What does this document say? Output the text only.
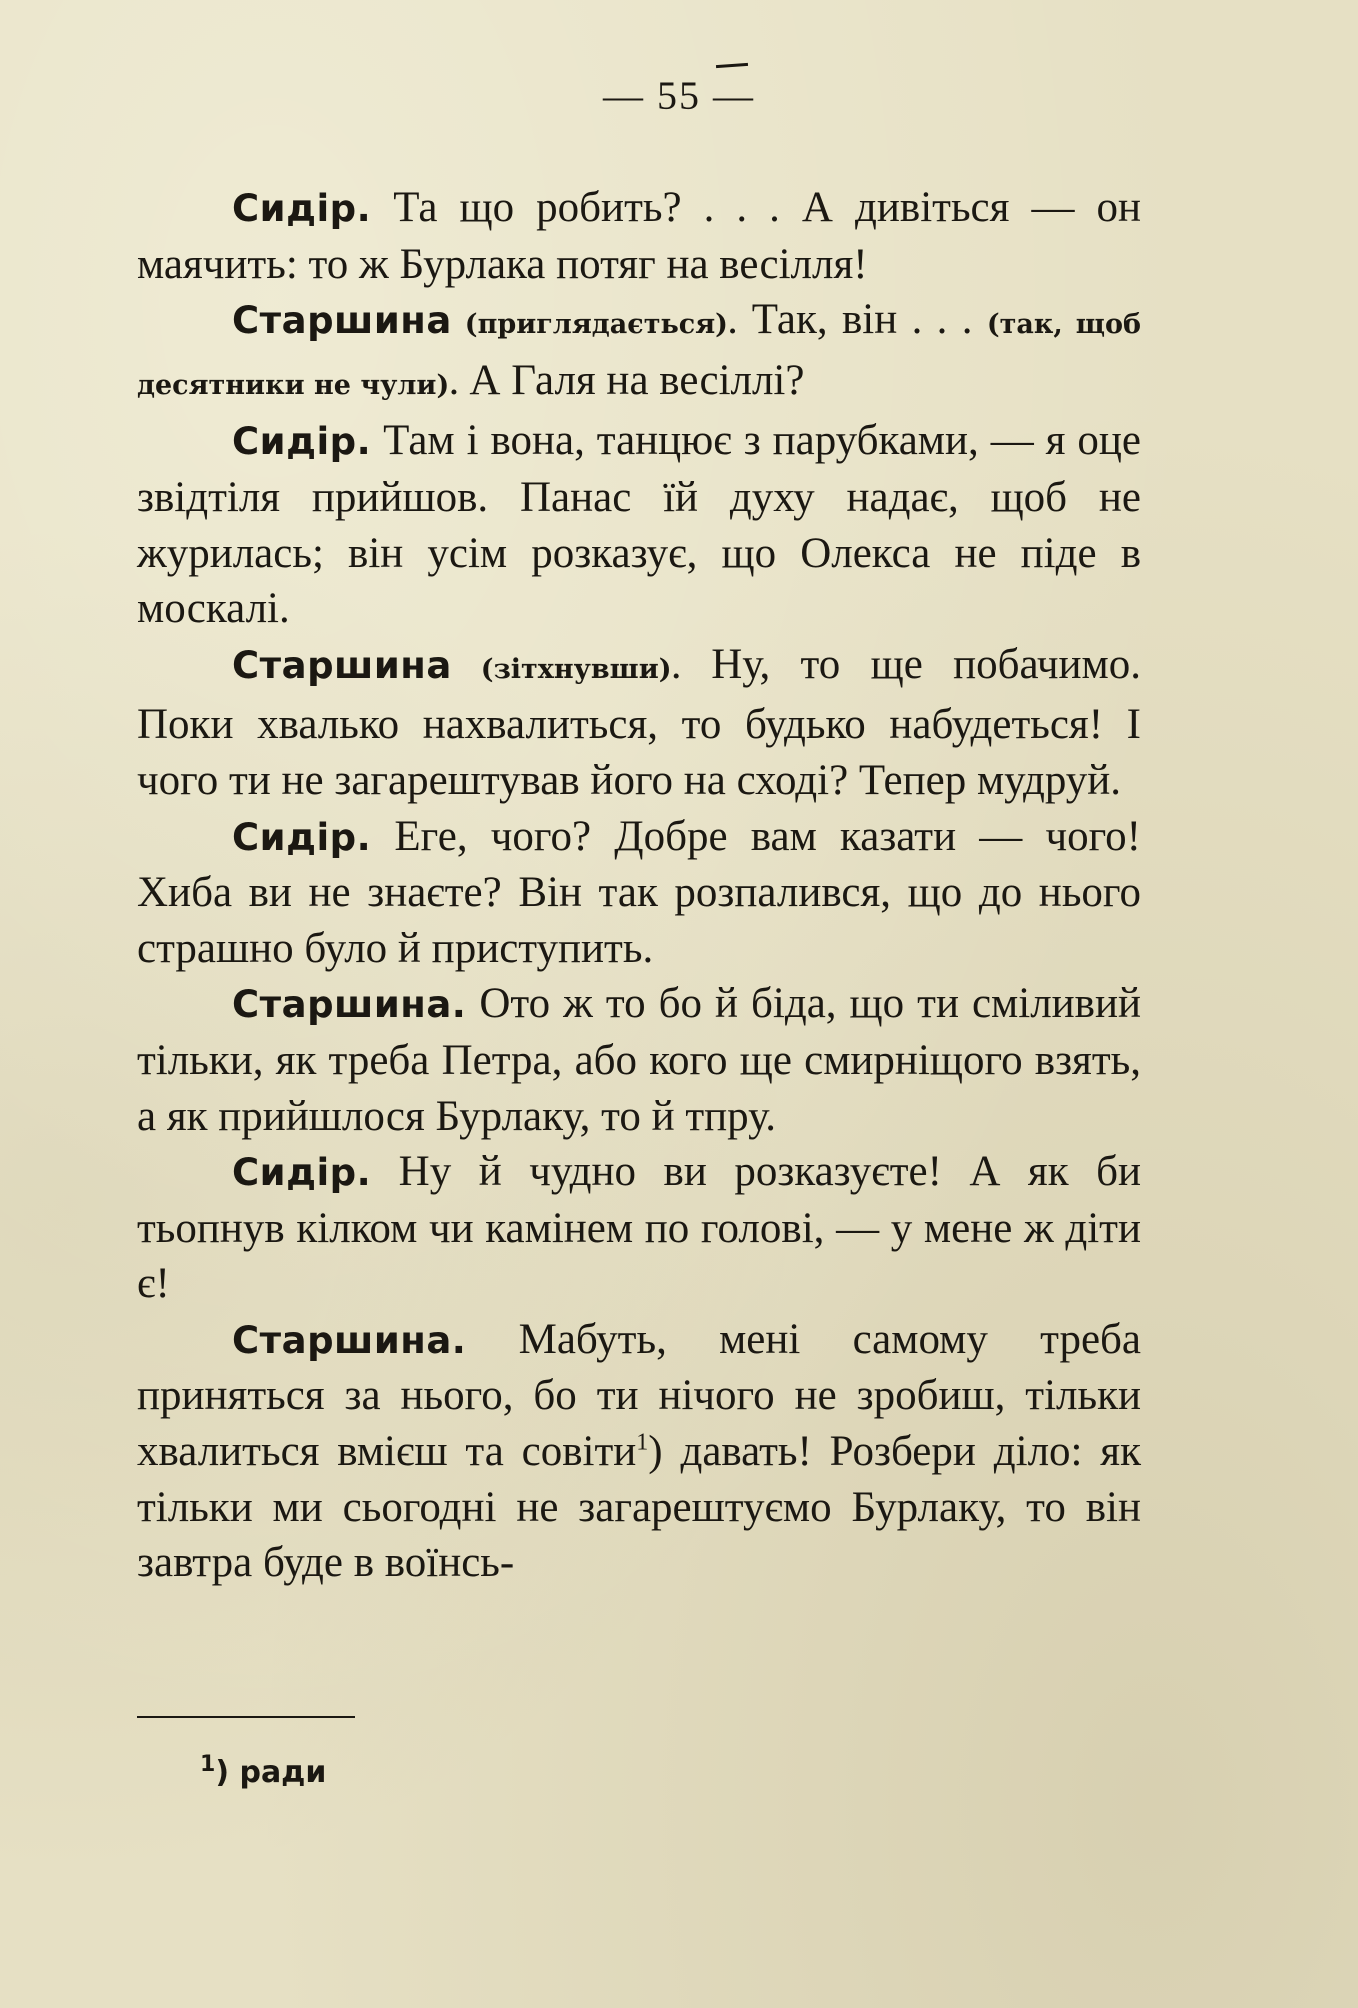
— 55 —

Сидір. Та що робить? . . . А дивіться — он маячить: то ж Бурлака потяг на весілля!

Старшина (приглядається). Так, він . . . (так, щоб десятники не чули). А Галя на весіллі?

Сидір. Там і вона, танцює з парубками, — я оце звідтіля прийшов. Панас їй духу надає, щоб не журилась; він усім розказує, що Олекса не піде в москалі.

Старшина (зітхнувши). Ну, то ще побачимо. Поки хвалько нахвалиться, то будько набудеться! І чого ти не загарештував його на сході? Тепер мудруй.

Сидір. Еге, чого? Добре вам казати — чого! Хиба ви не знаєте? Він так розпалився, що до нього страшно було й приступить.

Старшина. Ото ж то бо й біда, що ти сміливий тільки, як треба Петра, або кого ще смирніщого взять, а як прийшлося Бурлаку, то й тпру.

Сидір. Ну й чудно ви розказуєте! А як би тьопнув кілком чи камінем по голові, — у мене ж діти є!

Старшина. Мабуть, мені самому треба приняться за нього, бо ти нічого не зробиш, тільки хвалиться вмієш та совіти$^1$) давать! Розбери діло: як тільки ми сьогодні не загарештуємо Бурлаку, то він завтра буде в воїнсь-

$^1$) ради
